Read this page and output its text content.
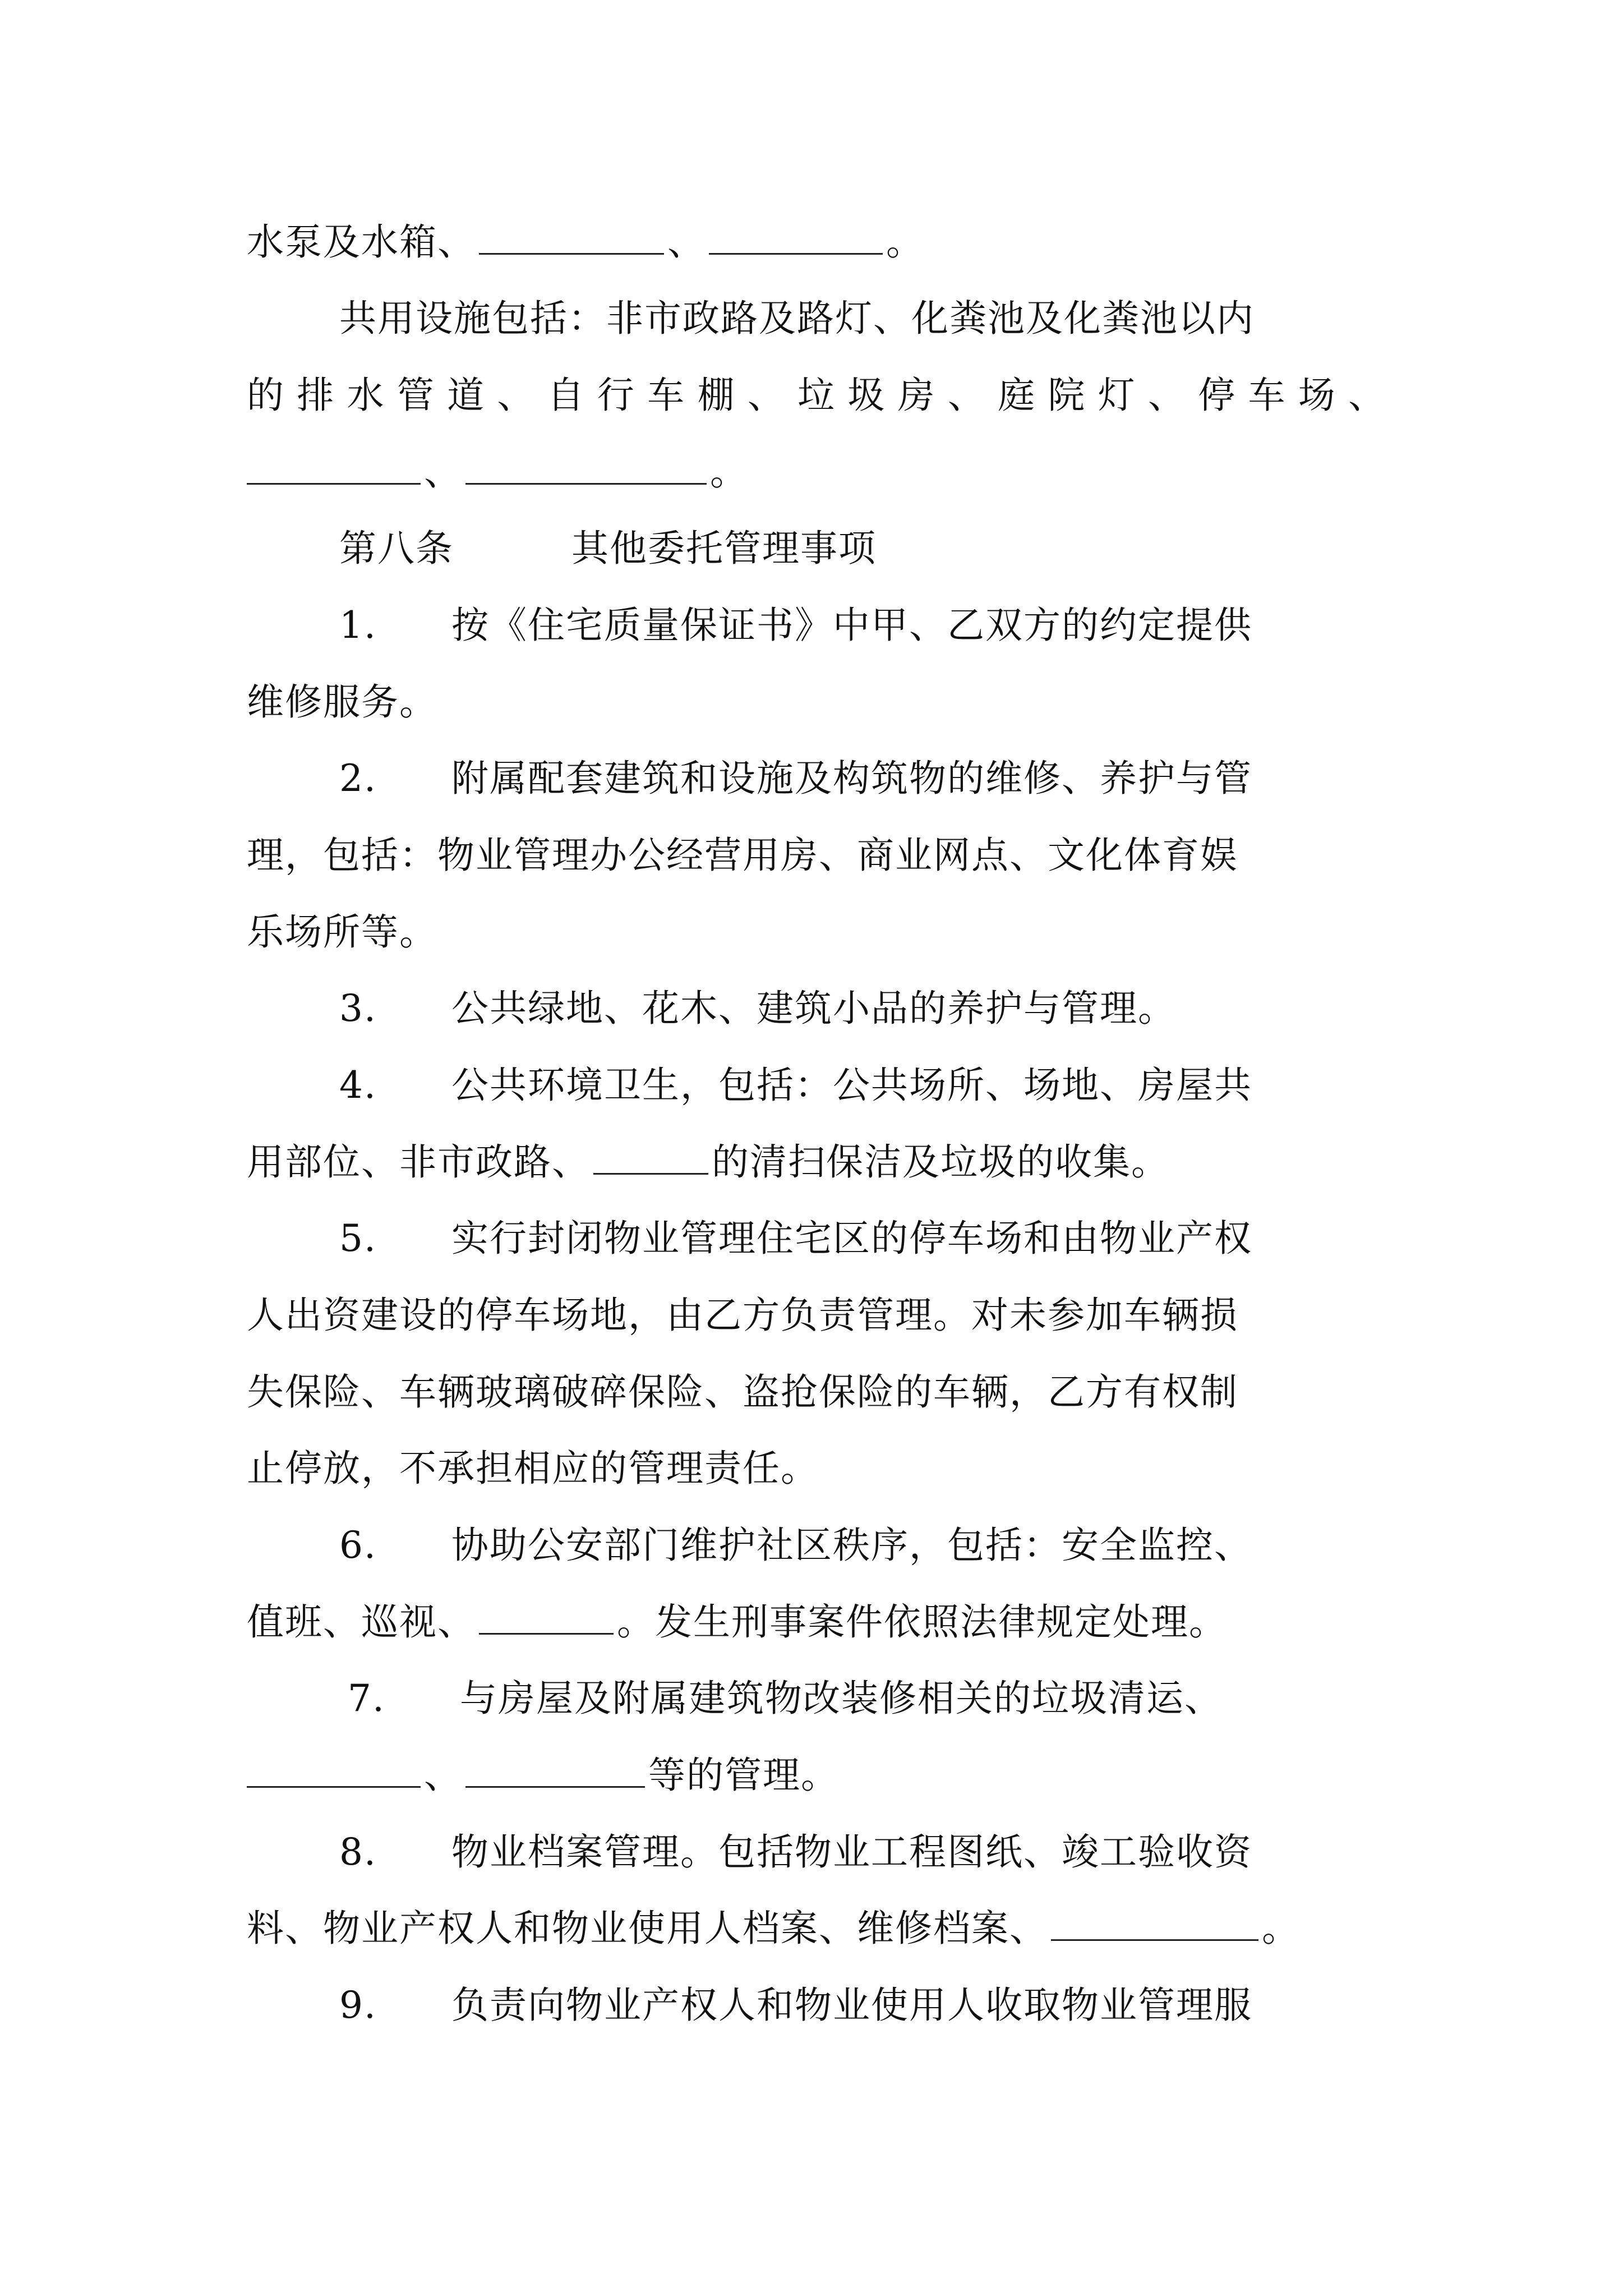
水泵及水箱、	、	。
共用设施包括：非市政路及路灯、化粪池及化粪池以内
的排水管道、自行车棚、垃圾房、庭院灯、停车场、
、	。
第八条	其他委托管理事项
1. 按《住宅质量保证书》中甲、乙双方的约定提供
维修服务。
2. 附属配套建筑和设施及构筑物的维修、养护与管
理，包括：物业管理办公经营用房、商业网点、文化体育娱
乐场所等。
3. 公共绿地、花木、建筑小品的养护与管理。
4. 公共环境卫生，包括：公共场所、场地、房屋共
用部位、非市政路、	的清扫保洁及垃圾的收集。
5. 实行封闭物业管理住宅区的停车场和由物业产权
人出资建设的停车场地，由乙方负责管理。对未参加车辆损
失保险、车辆玻璃破碎保险、盗抢保险的车辆，乙方有权制
止停放，不承担相应的管理责任。
6. 协助公安部门维护社区秩序，包括：安全监控、
值班、巡视、	。发生刑事案件依照法律规定处理。
7. 与房屋及附属建筑物改装修相关的垃圾清运、
、	等的管理。
8. 物业档案管理。包括物业工程图纸、竣工验收资
料、物业产权人和物业使用人档案、维修档案、	。
9. 负责向物业产权人和物业使用人收取物业管理服
